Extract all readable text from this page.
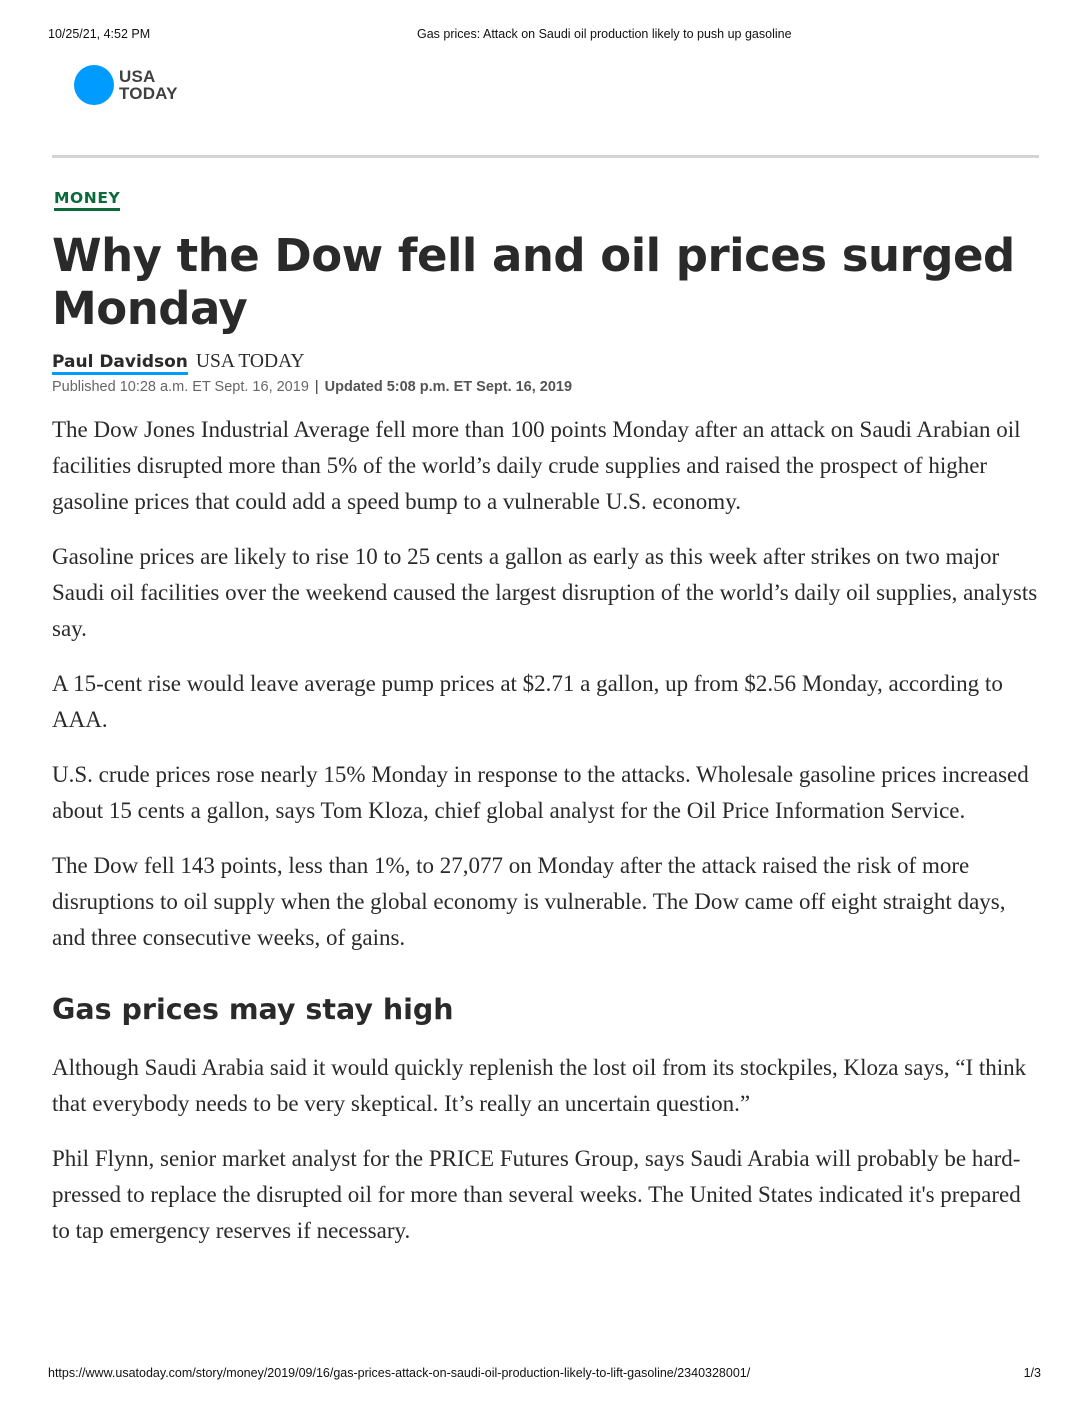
10/25/21, 4:52 PM	Gas prices: Attack on Saudi oil production likely to push up gasoline
USA
TODAY
MONEY
Why the Dow fell and oil prices surged Monday
Paul Davidson USA TODAY
Published 10:28 a.m. ET Sept. 16, 2019 | Updated 5:08 p.m. ET Sept. 16, 2019

The Dow Jones Industrial Average fell more than 100 points Monday after an attack on Saudi Arabian oil facilities disrupted more than 5% of the world’s daily crude supplies and raised the prospect of higher gasoline prices that could add a speed bump to a vulnerable U.S. economy.

Gasoline prices are likely to rise 10 to 25 cents a gallon as early as this week after strikes on two major Saudi oil facilities over the weekend caused the largest disruption of the world’s daily oil supplies, analysts say.

A 15-cent rise would leave average pump prices at $2.71 a gallon, up from $2.56 Monday, according to AAA.

U.S. crude prices rose nearly 15% Monday in response to the attacks. Wholesale gasoline prices increased about 15 cents a gallon, says Tom Kloza, chief global analyst for the Oil Price Information Service.

The Dow fell 143 points, less than 1%, to 27,077 on Monday after the attack raised the risk of more disruptions to oil supply when the global economy is vulnerable. The Dow came off eight straight days, and three consecutive weeks, of gains.

Gas prices may stay high

Although Saudi Arabia said it would quickly replenish the lost oil from its stockpiles, Kloza says, “I think that everybody needs to be very skeptical. It’s really an uncertain question.”

Phil Flynn, senior market analyst for the PRICE Futures Group, says Saudi Arabia will probably be hard-pressed to replace the disrupted oil for more than several weeks. The United States indicated it's prepared to tap emergency reserves if necessary.

https://www.usatoday.com/story/money/2019/09/16/gas-prices-attack-on-saudi-oil-production-likely-to-lift-gasoline/2340328001/	1/3
